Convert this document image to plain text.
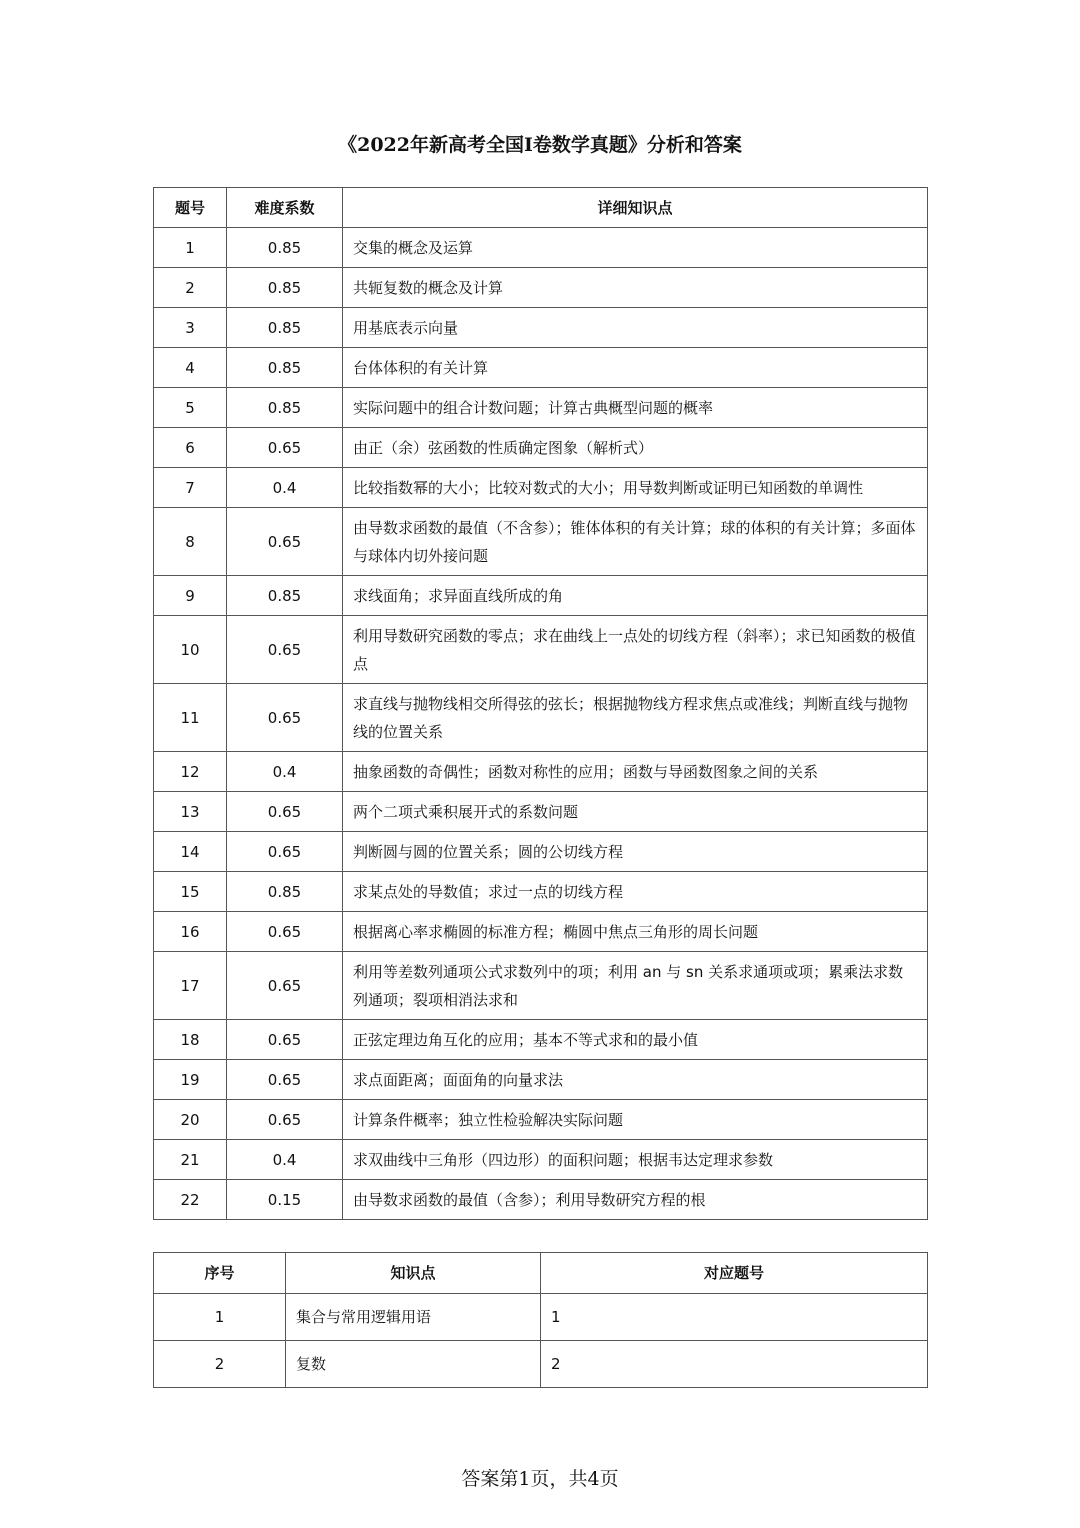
《2022年新高考全国Ⅰ卷数学真题》分析和答案
题号	难度系数	详细知识点
1	0.85	交集的概念及运算
2	0.85	共轭复数的概念及计算
3	0.85	用基底表示向量
4	0.85	台体体积的有关计算
5	0.85	实际问题中的组合计数问题；计算古典概型问题的概率
6	0.65	由正（余）弦函数的性质确定图象（解析式）
7	0.4	比较指数幂的大小；比较对数式的大小；用导数判断或证明已知函数的单调性
8	0.65	由导数求函数的最值（不含参）；锥体体积的有关计算；球的体积的有关计算；多面体与球体内切外接问题
9	0.85	求线面角；求异面直线所成的角
10	0.65	利用导数研究函数的零点；求在曲线上一点处的切线方程（斜率）；求已知函数的极值点
11	0.65	求直线与抛物线相交所得弦的弦长；根据抛物线方程求焦点或准线；判断直线与抛物线的位置关系
12	0.4	抽象函数的奇偶性；函数对称性的应用；函数与导函数图象之间的关系
13	0.65	两个二项式乘积展开式的系数问题
14	0.65	判断圆与圆的位置关系；圆的公切线方程
15	0.85	求某点处的导数值；求过一点的切线方程
16	0.65	根据离心率求椭圆的标准方程；椭圆中焦点三角形的周长问题
17	0.65	利用等差数列通项公式求数列中的项；利用 an 与 sn 关系求通项或项；累乘法求数列通项；裂项相消法求和
18	0.65	正弦定理边角互化的应用；基本不等式求和的最小值
19	0.65	求点面距离；面面角的向量求法
20	0.65	计算条件概率；独立性检验解决实际问题
21	0.4	求双曲线中三角形（四边形）的面积问题；根据韦达定理求参数
22	0.15	由导数求函数的最值（含参）；利用导数研究方程的根
序号	知识点	对应题号
1	集合与常用逻辑用语	1
2	复数	2
答案第1页，共4页
